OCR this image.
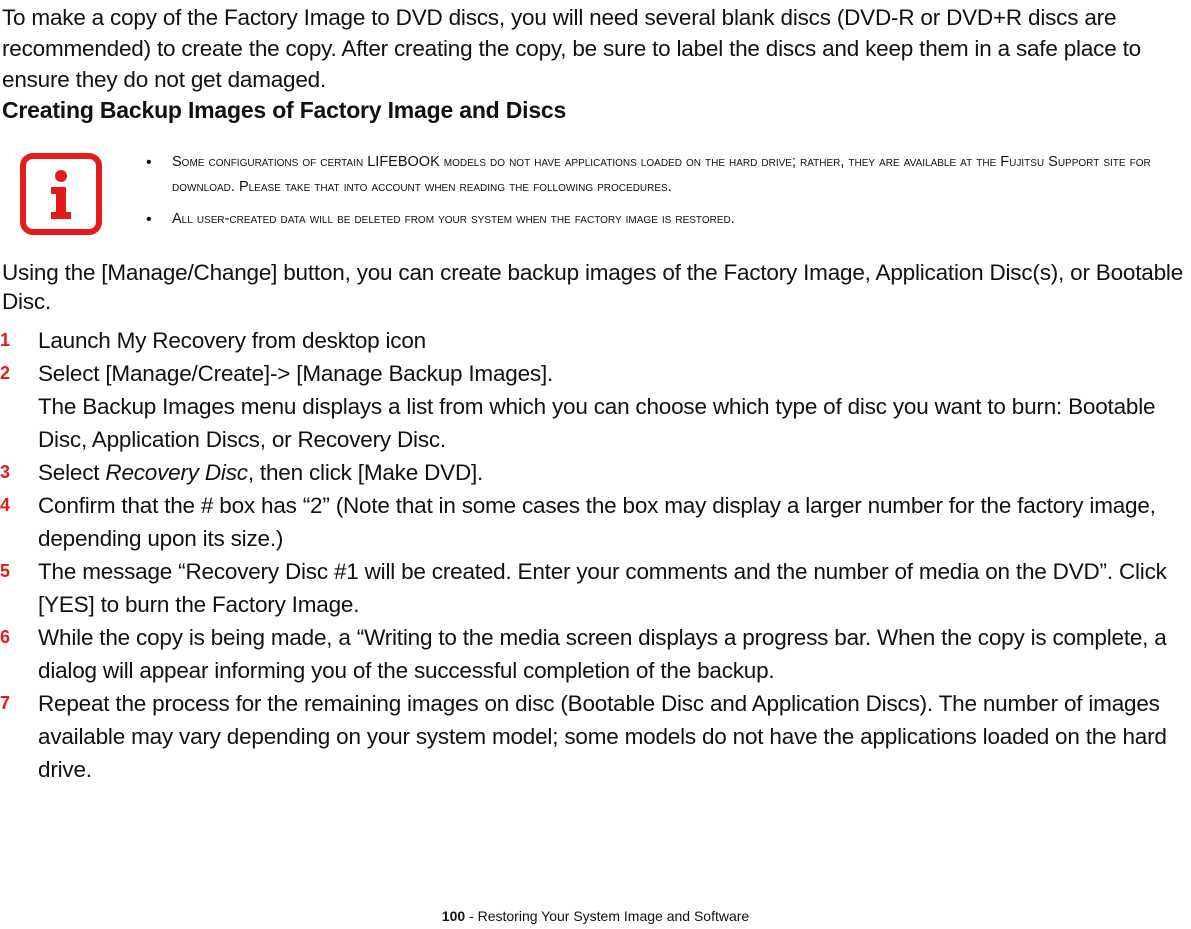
To make a copy of the Factory Image to DVD discs, you will need several blank discs (DVD-R or DVD+R discs are recommended) to create the copy. After creating the copy, be sure to label the discs and keep them in a safe place to ensure they do not get damaged.

Creating Backup Images of Factory Image and Discs
• Some configurations of certain LIFEBOOK models do not have applications loaded on the hard drive; rather, they are available at the Fujitsu Support site for download. Please take that into account when reading the following procedures.
• All user-created data will be deleted from your system when the factory image is restored.

Using the [Manage/Change] button, you can create backup images of the Factory Image, Application Disc(s), or Bootable Disc.

1 Launch My Recovery from desktop icon
2 Select [Manage/Create]-> [Manage Backup Images].
The Backup Images menu displays a list from which you can choose which type of disc you want to burn: Bootable Disc, Application Discs, or Recovery Disc.
3 Select Recovery Disc, then click [Make DVD].
4 Confirm that the # box has “2” (Note that in some cases the box may display a larger number for the factory image, depending upon its size.)
5 The message “Recovery Disc #1 will be created. Enter your comments and the number of media on the DVD”. Click [YES] to burn the Factory Image.
6 While the copy is being made, a “Writing to the media screen displays a progress bar. When the copy is complete, a dialog will appear informing you of the successful completion of the backup.
7 Repeat the process for the remaining images on disc (Bootable Disc and Application Discs). The number of images available may vary depending on your system model; some models do not have the applications loaded on the hard drive.
100 - Restoring Your System Image and Software
